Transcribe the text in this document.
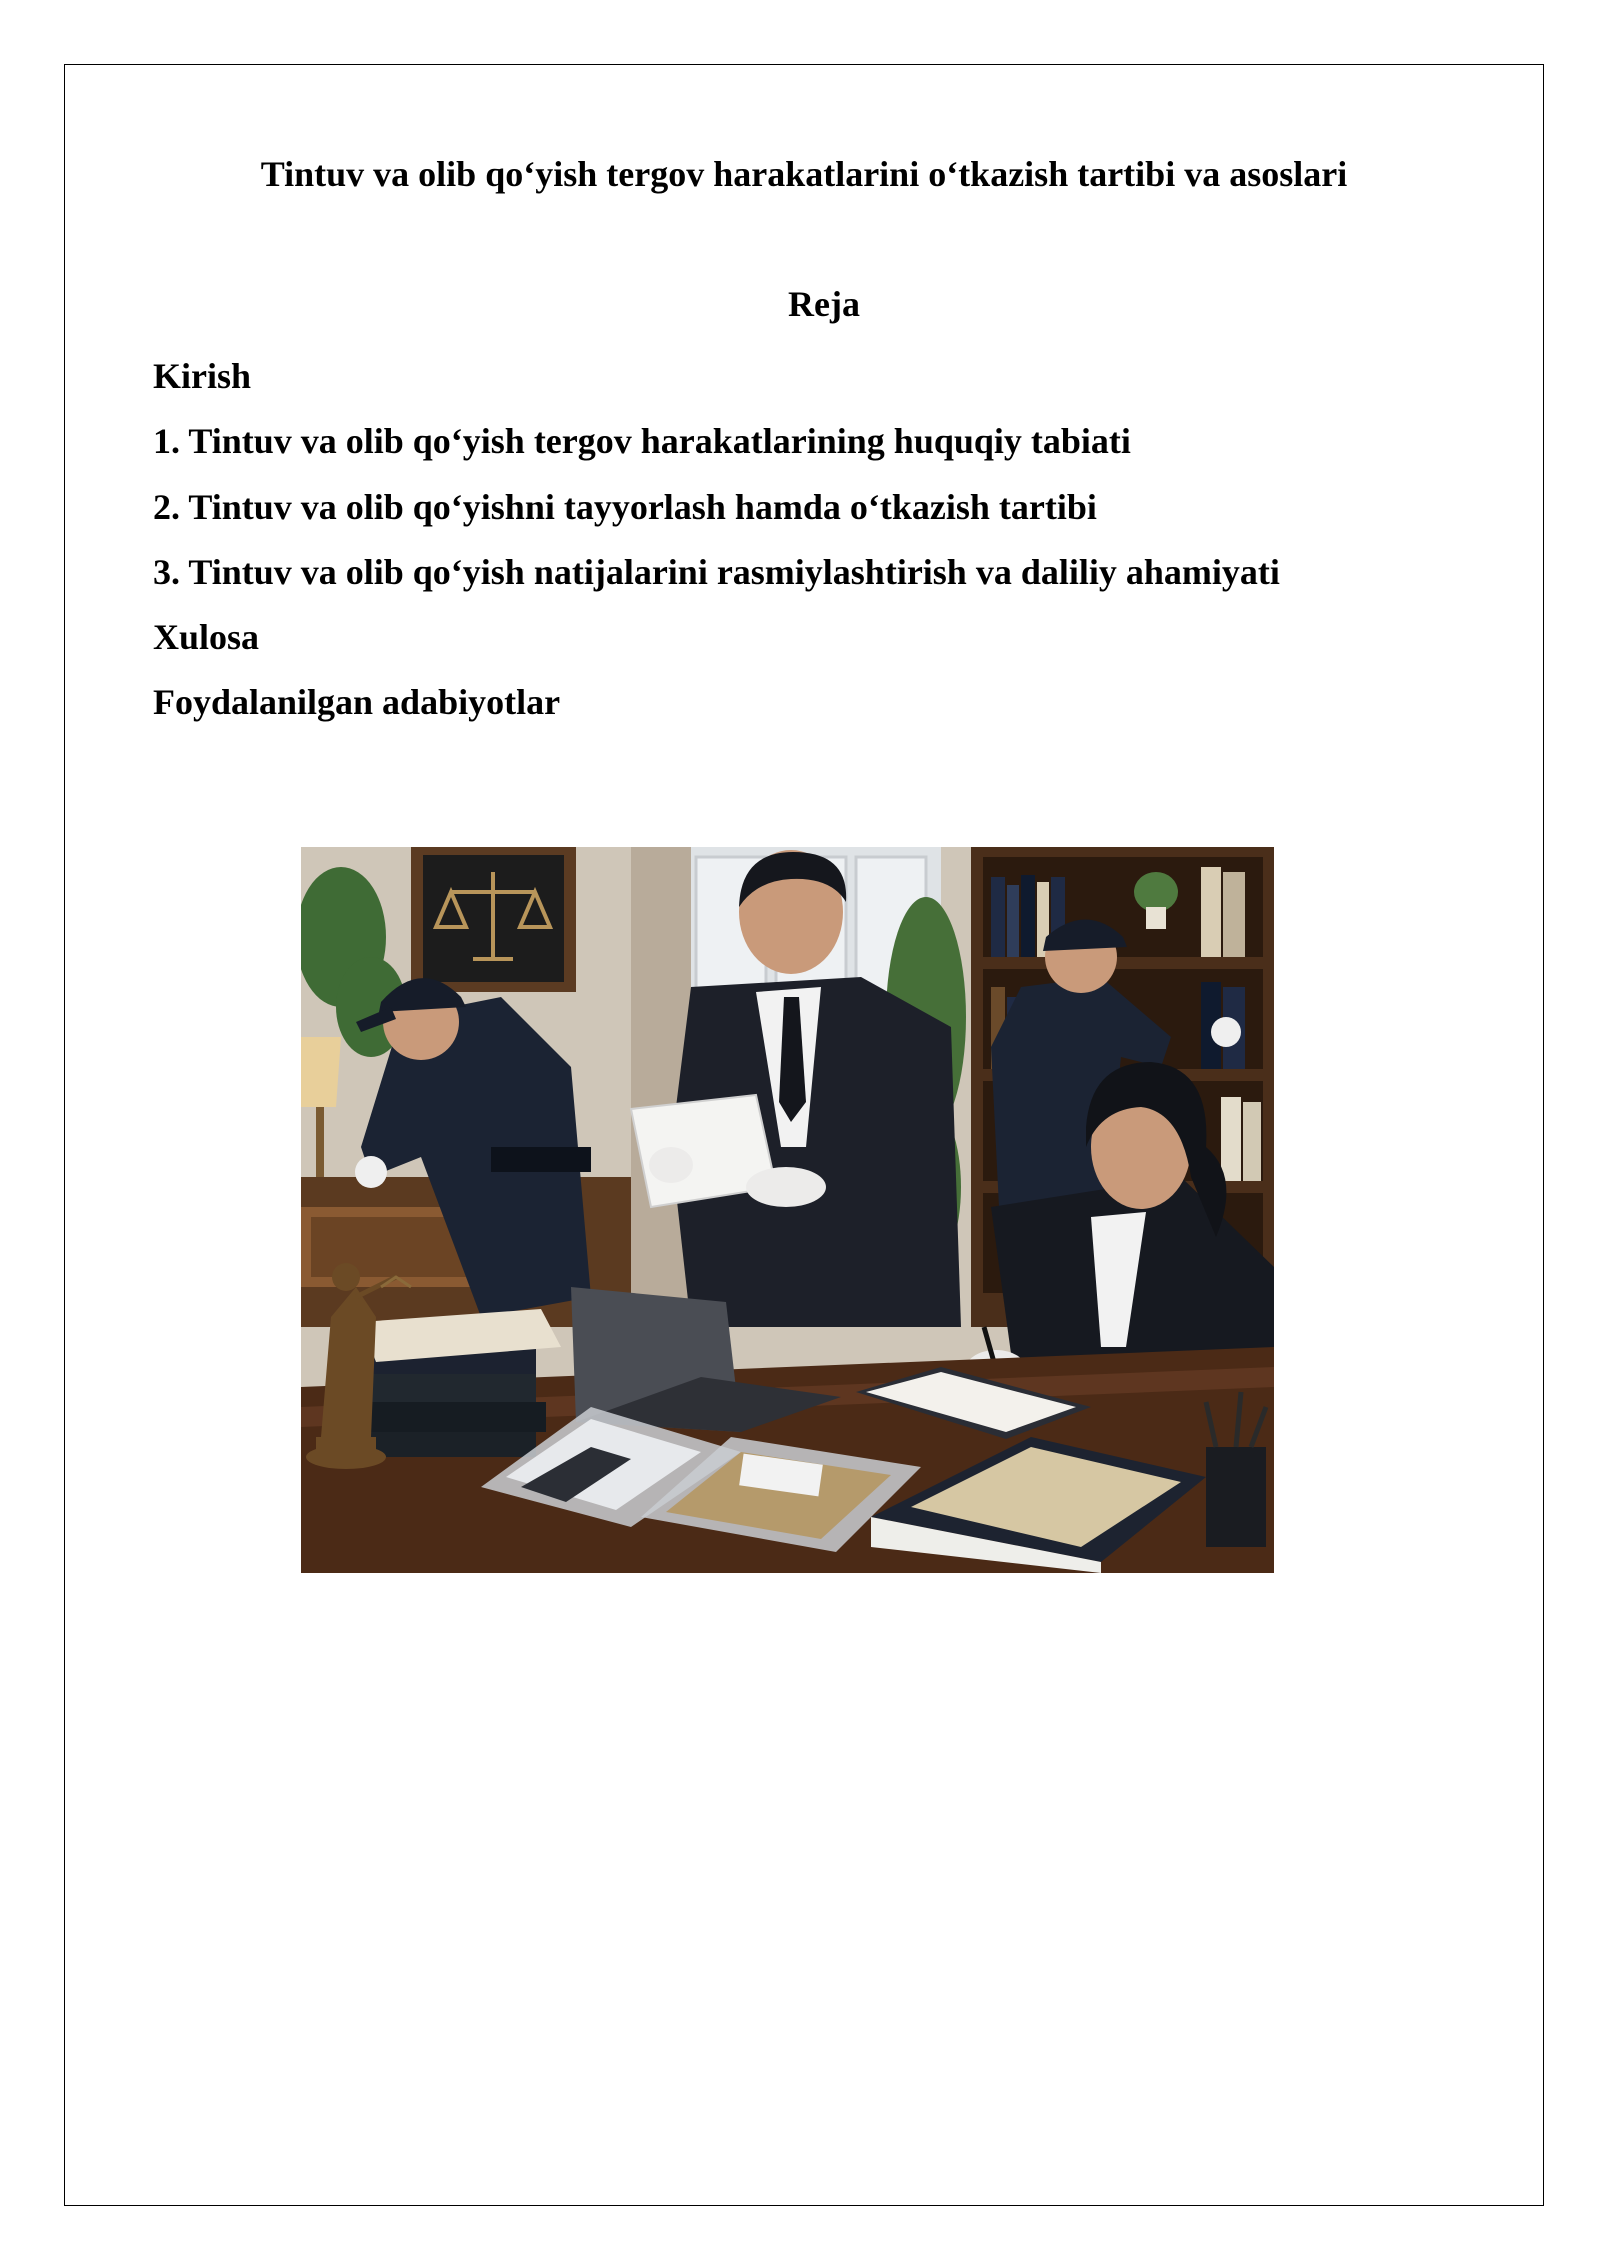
Tintuv va olib qo‘yish tergov harakatlarini o‘tkazish tartibi va asoslari
Reja
Kirish
1. Tintuv va olib qo‘yish tergov harakatlarining huquqiy tabiati
2. Tintuv va olib qo‘yishni tayyorlash hamda o‘tkazish tartibi
3. Tintuv va olib qo‘yish natijalarini rasmiylashtirish va daliliy ahamiyati
Xulosa
Foydalanilgan adabiyotlar
